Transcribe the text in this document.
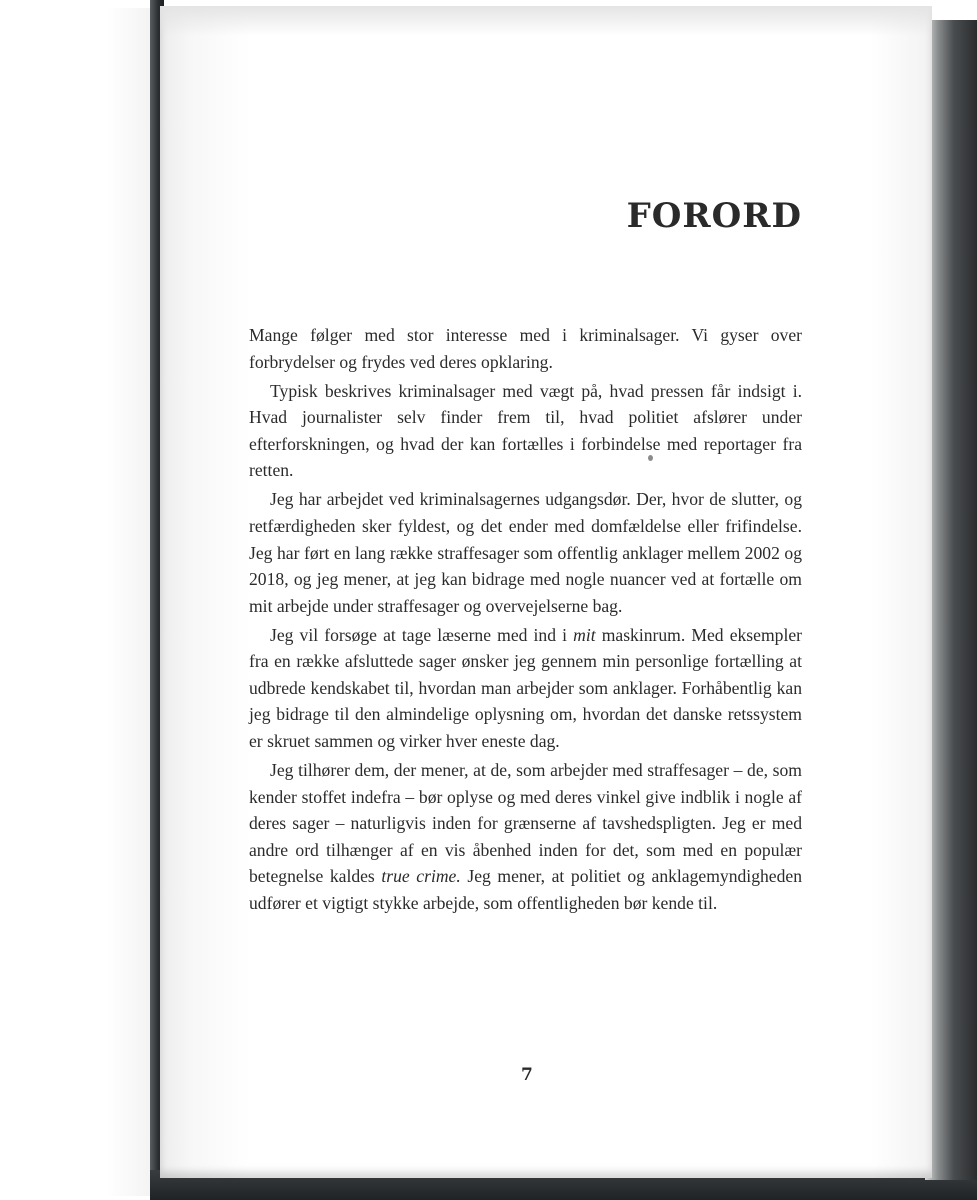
FORORD

Mange følger med stor interesse med i kriminalsager. Vi gyser over forbrydelser og frydes ved deres opklaring.

Typisk beskrives kriminalsager med vægt på, hvad pressen får indsigt i. Hvad journalister selv finder frem til, hvad politiet afslører under efterforskningen, og hvad der kan fortælles i forbindelse med reportager fra retten.

Jeg har arbejdet ved kriminalsagernes udgangsdør. Der, hvor de slutter, og retfærdigheden sker fyldest, og det ender med domfældelse eller frifindelse. Jeg har ført en lang række straffesager som offentlig anklager mellem 2002 og 2018, og jeg mener, at jeg kan bidrage med nogle nuancer ved at fortælle om mit arbejde under straffesager og overvejelserne bag.

Jeg vil forsøge at tage læserne med ind i mit maskinrum. Med eksempler fra en række afsluttede sager ønsker jeg gennem min personlige fortælling at udbrede kendskabet til, hvordan man arbejder som anklager. Forhåbentlig kan jeg bidrage til den almindelige oplysning om, hvordan det danske retssystem er skruet sammen og virker hver eneste dag.

Jeg tilhører dem, der mener, at de, som arbejder med straffesager – de, som kender stoffet indefra – bør oplyse og med deres vinkel give indblik i nogle af deres sager – naturligvis inden for grænserne af tavshedspligten. Jeg er med andre ord tilhænger af en vis åbenhed inden for det, som med en populær betegnelse kaldes true crime. Jeg mener, at politiet og anklagemyndigheden udfører et vigtigt stykke arbejde, som offentligheden bør kende til.

7
